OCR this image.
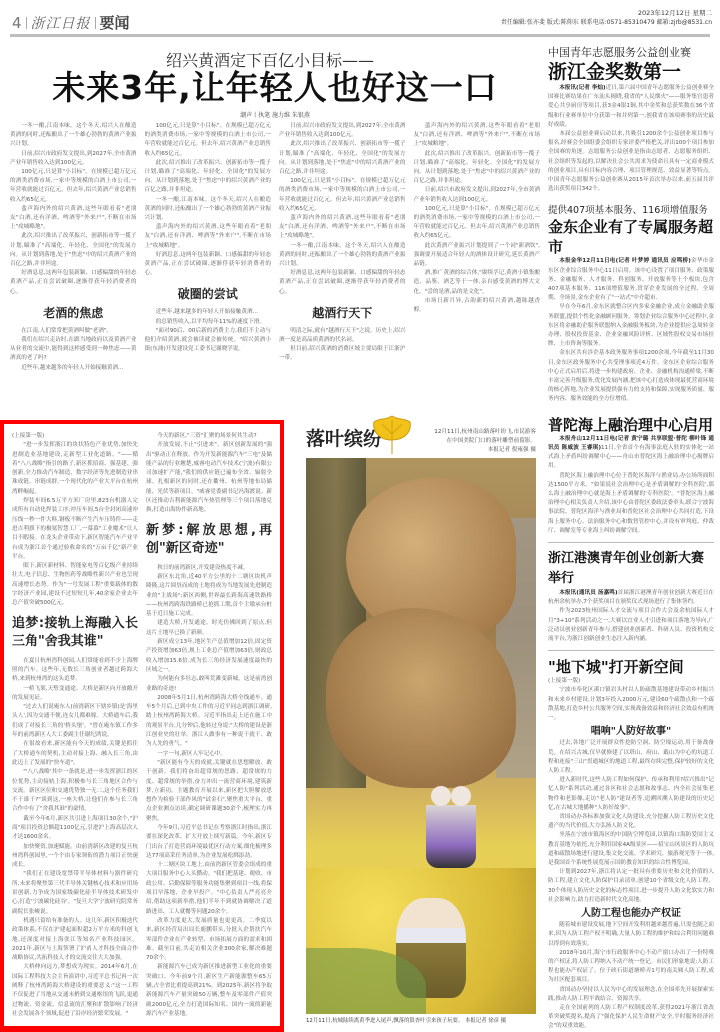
4 浙江日报 要闻
2023年12月12日 星期二
责任编辑:张亦斐 版式:陈仰东 联系电话:0571-85310479 邮箱:zjrb@8531.cn
绍兴黄酒定下百亿小目标——
未来3年,让年轻人也好这一口
潮声丨执笔 施力维 朱银燕

一冬一酿,江南本味。这个冬天,绍兴人在酿造黄酒的同时,还酝酿出了一个雄心勃勃的黄酒产业振兴计划。

日前,绍兴市政府发文提出,到2027年,全市黄酒产业年销售收入达到100亿元。

100亿元,只是算"小目标"。在规模已超万亿元的酒类消费市场,一家中等规模的白酒上市公司,一年营收就能过百亿元。但去年,绍兴黄酒产业总销售收入约65亿元。

蜚声海内外的绍兴黄酒,这些年眼看着"老朋友"白酒,还有洋酒、啤酒等"外来户",不断在市场上"攻城略地"。

此次,绍兴推出了改革振兴、创新拓市等一揽子计划,瞄准了"高端化、年轻化、全国化"的发展方向。从计划到落地,处于"焦虑"中的绍兴黄酒产业的百亿之路,并非坦途。

好酒息息,这两年包装新颖、口感偏甜的年轻态黄酒产品,正在尝试破圈,逐渐俘获年轻消费者的心。

老酒的焦虑

在江南,人们常常把黄酒叫做"老酒"。

我们在绍兴走访时,在跟当地政府以及黄酒产业从业者的交流中,能得到这样感受到一种焦虑——黄酒真的老了吗?

近些年,越来越多的年轻人开始接触黄酒...

100亿元,只是算"小目标"。在规模已超万亿元的酒类消费市场,一家中等规模的白酒上市公司,一年营收就能过百亿元。但去年,绍兴黄酒产业总销售收入约65亿元。

此次,绍兴推出了改革振兴、创新拓市等一揽子计划,瞄准了"高端化、年轻化、全国化"的发展方向。从计划到落地,处于"焦虑"中的绍兴黄酒产业的百亿之路,并非坦途。

一冬一酿,江南本味。这个冬天,绍兴人在酿造黄酒的同时,还酝酿出了一个雄心勃勃的黄酒产业振兴计划。

蜚声海内外的绍兴黄酒,这些年眼看着"老朋友"白酒,还有洋酒、啤酒等"外来户",不断在市场上"攻城略地"。

好酒息息,这两年包装新颖、口感偏甜的年轻态黄酒产品,正在尝试破圈,逐渐俘获年轻消费者的心。

破圈的尝试

近些年,越来越多的年轻人开始接触黄酒...

的总销售收入,以平均每年11%的速度下滑。

"面对90后、00后新的消费主力,我们不主动与他们介绍黄酒,就会被读就会被传统。"绍兴黄酒小镇(东浦)开发建设党工委书记谢晓学说。

日前,绍兴市政府发文提出,到2027年,全市黄酒产业年销售收入达到100亿元。

此次,绍兴推出了改革振兴、创新拓市等一揽子计划,瞄准了"高端化、年轻化、全国化"的发展方向。从计划到落地,处于"焦虑"中的绍兴黄酒产业的百亿之路,并非坦途。

100亿元,只是算"小目标"。在规模已超万亿元的酒类消费市场,一家中等规模的白酒上市公司,一年营收就能过百亿元。但去年,绍兴黄酒产业总销售收入约65亿元。

蜚声海内外的绍兴黄酒,这些年眼看着"老朋友"白酒,还有洋酒、啤酒等"外来户",不断在市场上"攻城略地"。

一冬一酿,江南本味。这个冬天,绍兴人在酿造黄酒的同时,还酝酿出了一个雄心勃勃的黄酒产业振兴计划。

好酒息息,这两年包装新颖、口感偏甜的年轻态黄酒产品,正在尝试破圈,逐渐俘获年轻消费者的心。

越酒行天下

明清之际,就有"越酒行天下"之说。历史上,绍兴酒一度是高品质黄酒的代名词。

但目前,绍兴黄酒的消费区域主要局限于江浙沪一带。

蜚声海内外的绍兴黄酒,这些年眼看着"老朋友"白酒,还有洋酒、啤酒等"外来户",不断在市场上"攻城略地"。

此次,绍兴推出了改革振兴、创新拓市等一揽子计划,瞄准了"高端化、年轻化、全国化"的发展方向。从计划到落地,处于"焦虑"中的绍兴黄酒产业的百亿之路,并非坦途。

日前,绍兴市政府发文提出,到2027年,全市黄酒产业年销售收入达到100亿元。

100亿元,只是算"小目标"。在规模已超万亿元的酒类消费市场,一家中等规模的白酒上市公司,一年营收就能过百亿元。但去年,绍兴黄酒产业总销售收入约65亿元。

此次黄酒产业振兴计划提到了一个词"新酒饮",强调要开展适合年轻人的酒体设计研究,延长黄酒产品链。

酒,推广黄酒的综合体,"赓续孚记,黄酒小镇集酿造、品鉴、酒艺等于一体,亲自感受黄酒的博大文化。"尝的是酒,品的是文化"。

市场日新月异,古韵新的绍兴黄酒,越陈越香醇。

(上接第一版)

"进一步发挥浙江的块状特色产业优势,加快先进制造业基地建设,走新型工业化道路。"——循着"八八战略"指引的路子,新区抓招商、强基建、强创新,全力推动汽车制造、数字经济等先进制造业串珠成链、串链成群,一个现代化的产业大平台在杭州湾畔崛起。

焊装车间6.5万平方米厂房里,823台机器人完成所有自动化焊装工序;冲压车间,5台全封闭高速冲压线一秒一件大料,钢板不断产生汽车压铸件——走进吉利旗下的极氪智慧工厂,一幕幕"工业魔术"让人目不暇接。在龙头企业带动下,新区智能汽车产业平台成为浙江首个通过验收命名的"万亩千亿"新产业平台。

眼下,新区新材料、智能家电等百亿级产业持续壮大,电子信息、生物医药等战略性新兴产业也呈现高速增长态势。作为"一号发展工程"重要载体的数字经济产业园,建设不过短短几年,40余家企业去年总产值突破500亿元。

追梦:接轨上海融入长三角"舍我其谁"

在夏日杭州湾科创园,人们常能看到不少上海牌照的汽车。这些年,无数长三角创业者越过跨海大桥,来到杭州湾的这头追梦。

一桥飞架,天堑变通途。大桥是新区向开放敞开的发展见证。

"过去人们说庵东人(前湾新区下辖乡镇)是'海里头人',因为交通不便,连女儿都难嫁。大桥通车后,我们成了对接长三角的'桥头堡'。"曾在庵东镇工作多年的前湾新区人大工委副主任谢纪鸿说。

在很故看来,新区能有今天的成绩,关键是抓住了大桥通车的契机,主动对接上海、融入长三角,由此迈上了发展的"快车道"。

"'八八战略'其中一条就是,进一步发挥浙江的区位优势,主动接轨上海,积极参与长三角地区合作与交流。新区区位和交通优势独一无二,这个任务我们不干谁干?"谈到这,一座大桥,让他们在参与长三角合作中有了"舍我其谁"的豪情。

截至今年6月,新区共引进上海项目30余个,"沪商"项目投资总额超1100亿元,引进沪上海高层次人才达1600余名。

加快聚资,加速赋能。由前湾新区改建的复旦杭州湾科创园里,一个个由专家领衔的潜力项目正快速成长。

"我们正在建设宽禁带半导体材料与器件研究所,未来将聚焦第三代半导体关键核心技术和应用场景创新,力争成为国家级碳化硅半导体技术研发中心,打造'宁波碳化硅谷'。"复旦大学宁波研究院常务副院长张峻说。

机遇只留给有准备的人。这几年,新区积极迭代政策体系,不仅在沪建起面积超2万平方米的科创飞地,还深度对接上海张江等知名产业科技园区。2021年,新区与上海签署了沪甬人才科技全面合作战略协议,共拓科技人才的交流交往大大加强。

大桥伸向远方,梦想成为现实。2014年6月,在国际工程科技大会主旨演讲中,习近平总书记再一次阐释了杭州湾跨海大桥建设的重要意义:"这一工程不仅促进了当地从交通末梢到交通枢纽的飞跃,更通过物流、资金流、信息流的汇聚和扩散影响了经济社会发展各个领域,促进了沿岸经济繁荣发展。"

今天的新区,"三资"汇聚的场景何其生动?

开放发展,不止"引进来"。新区创新发展的"强出"驱动正在释放。作为开发新能源汽车"三电"及储能产品的行业翘楚,威睿电动汽车技术(宁波)有限公司加速扩产能,"我们的供应链已遍布全省、辐射全球。扎根新区的同时,还在衢州、杭州等地布局储能、光伏等新项目。"威睿党委副书记冯海渡说。新区还推动吉利新能源汽车热管理等三个项目落地兑换,打造山海协作新高地。

新梦:解放思想,再创"新区奇迹"

秋日的前湾新区,开发建设热度不减。

新区东北角,近40平方公里的十二塘区块机声隆隆,这片围垦而成的土地将成为当地发展先进制造业的"主战场";新区西侧,世界最长跨海高速铁路桥——杭州湾跨海铁路桥已抢抓工期,首个主墩承台桩基于近日施工完成。

建造大桥,开发通途。时光仿佛回到了原点,但这片土地早已换了新颜。

新区成立13年,地区生产总值增加12倍,固定资产投资增加63倍,规上工业总产值增加63倍,财政总收入增加15.6倍,成为长三角经济发展速度最快的区域之一。

为何能有多壮志,敢叫荒滩变新城。这是前湾创业路的奇迹!

2008年5月1日,杭州湾跨海大桥全线通车。通车5个月后,已到中央工作的习近平同志到浙江调研,踏上杭州湾跨海大桥。习近平指出走上还在施工中的观景平台,几分钟后,他转过身说:"大桥的建设是浙江创业史的壮举。浙江人做事有一种说干就干、敢为人先的勇气。"

一字一句,新区人牢记心中。

"新区能有今天的成就,关键就在思想解放、敢于创新。我们将奋出超常规的思路、超常规的力度、超常规的举措,奋力冲出一流营商环境,建筑新梦,立新功。主题教育开展以来,新区把大胆解放思想作为检验干部作风的"试金石",聚焦重大平台、重点企业测点访谈,确定调研课题30余个,梳理实力再聚焦。

今年9月,习近平总书记在考察浙江时指出,浙江要在深化改革、扩大开放上续写新篇。今年,新区专门出台了打造营商环境最优区行动方案,细化梳理多达77项高采任务清单,为企业发展松绑添劲。

十二塘区块工地上,由前湾新区管委会组成的重大项目服务中心人头攒动。"我们把基建、税收、市政公用、后勤保障等服务功能集聚到项目一线,将保项目早落地、企业早投产。"中心负责人严亮亮介绍,借助这项新举措,他们半年不到就协调解决了道路进出、工人就餐等问题20余个。

改革力度更大,发展质量也更更高。二季度以来,新区经营局出局长鹿鹏带头,分批入企帮扶汽车零部件企业在产业转型、市场拓展方面的需求和困难。截至目前,共走访相关企业300余家,解决难题70余个。

新能源汽车已成为新区推进新型工业化的重要突破口。今年前9个月,新区生产新能源整车65万辆,占全省比重提高到21%。到2025年,新区将争取新能源汽车产量突破50万辆,整车及零部件产值突破2000亿元,全力打造国际知名、国内一流的新能源汽车产业基地。

落叶缤纷	12月11日,杭州南山路落叶纷飞,市民游客在中国美院门口的落叶雕塑前留影。
本报记者 倪雍强 摄
12月11日,杭城陆续离黄季进入尾声,飘落的银杏叶引来孩子玩耍。 本报记者 徐彦 摄
中国青年志愿服务公益创业赛
浙江金奖数第一

本报讯(记者 李灿)近日,第六届中国青年志愿服务公益创业赛全国赛比赛结果在广东汕头揭晓,我省的"人民烟火"——服务集官患者爱心共享厨房等项目,获3金4银1铜,其中金奖和总获奖数在36个省级和行业赛单位中分获第一和并列第一,创我省在该项赛事的历史最好成绩。

本届公益创业赛启动以来,共吸引1200余个公益创业项目参与报名,经赛会全国组委会组织专家评委严格把关,评出100个项目参加全国赛的角逐。志愿服务公益创业是指由志愿者、志愿服务组织、社会组织等发起的,以解决社会公共需求为使命且具有一定商业模式的创业项目,具有目标内容合理、项目管理规范、效益显著等特点。中国青年志愿服务公益创业赛从2015年首次举办以来,前五届共评选出获奖项目342个。

提供407项基本服务、116项增值服务
金东企业有了专属服务超市

本报金华12月11日电(记者 叶梦婷 通讯员 应鸣桥)金华市金东区企业综合服务中心11日启用。该中心设置了项目服务、政策服务、金融服务、人才服务、科创服务、开放服务等十个板块,包含407项基本服务、116项增值服务,贯穿企业发展的全过程、全周期、全场景,金东企业有了"一站式"中介超市。

早在今年6月,金东区就整合区内多家金融企业,成立金融助企服务联盟,提供个性化金融顾问服务。筹划企业综合服务中心过程中,金东区将金融助企服务联盟纳入金融服务板块,为企业提供应急周转金办理、股权投资基金、企业金融风险评析、区域性股权交易市场挂牌、上市咨询等服务。

金东区共有涉企基本政务服务事项1200余项,今年截至11月30日,金东区政务服务中心共受理事项近4万件。金东区企业综合服务中心正式启用后,将进一步构建政府、企业、金融机构沟通桥梁,不断丰富完善升级服务,优化发展内涵,把该中心打造成体现最优营商环境的核心阵地,为企业发展提供强有力的支持和保障,实现服务质量、服务内容、服务效能的全方位增值。

普陀海上融治理中心启用

本报舟山12月11日电(记者 黄宁璐 共享联盟·普陀 柳叶锋 通讯员 陈威波 王睿琪)11日,全省首个有海事法庭入驻的实体化一站式海上矛盾纠纷调解中心——舟山市普陀区海上融治理中心揭牌启用。

普陀区海上融治理中心位于普陀区海洋与渔业局,办公场所面积达1500平方米。"如果说社会治理中心是矛盾调解的'全科医院',那么海上融治理中心就是海上矛盾调解的'专科医院'。"普陀区海上融治理中心相关负责人介绍,该中心由普陀区委政法委牵头,联合宁波海事法院、普陀区海洋与渔业局和普陀区社会治理中心共同打造,下设海上服务中心、法治服务中心和数智管控中心,并设有审判庭、仲裁厅、调解室等专业海上纠纷调解空间。

浙江港澳青年创业创新大赛举行

本报讯(通讯员 汤嘉鸣)首届浙江港澳青年创业创新大赛近日在杭州余杭举办,7个获奖项目在颁奖仪式现场进行了集体签约。

作为2023杭州国际人才交流与项目合作大会及余杭国际人才月"3+10"系列活动之一,大赛以宜业人才引进和项目落地为导向,广泛动员创业创新青年参与,搭建创业创新者、科研人员、投资机构交流平台,为浙江创新创业生态注入新内涵。

"地下城"打开新空间

(上接第一版)

宁波市奉化区溪口镇岩头村以人防疏散基地建设带动乡村振兴和未来乡村建设,计划3年投入2000万元,建设60个疏散点和一个疏散基地,打造乡村公共服务空间,实现战备效益和经济社会效益有机统一。

唱响"人防好故事"

过去,各地广泛开展群众性挖防空洞、防空壕运动,用于备战备荒。在绍兴古城,仅早就修建了以塔山、府山、蕺山为中心的坑道工程和连接"三山"贯通城区的地道工程,最终存续完整,保护较好的文化人防工程。

进入新时代,这些人防工程如何保护、传承和利用?绍兴推出"记忆人防"系列活动,通过各区和社会志愿和故事志、内全社会征集老物件和老影像,走访"老人防"建设者等,追溯回溯人防建设的历史记忆,在古城大地播种"人防好故事"。

省国动办各标准加强文化人防建设,充分挖掘人防工程历史文化遗产的当代价值,大力弘扬人防文化。

坐落在宁波市镇海区的中国防空博览园,以镇海口海防爱国主义教育基地为依托,充分利用国家4A级景区——招宝山风景区的人防坑道和疏散场地进行建设,集文化交流、学术研究、旅游观光等于一体,是我国首个系统性展览展示国防教育知识的综合性博览园。

计划到2027年,浙江将认定一批具有重要历史和文化价值的人防工程,建立文化人防保护目录清单,创建10个省级文化人防工程、30个体现人防历史文化的标志性项目,进一步提升人防文化软实力和社会影响力,助力打造新时代文化高地。

人防工程也能办产权证

随着城市建设发展,地下空间开发利用越来越普遍,只需也随之而来,因为人防工程产权不明确,大量人防工程的维护和综合利用问题难以得到有效落实。

2018年10月,海宁市行政服务中心不动产窗口办出了一份特殊的产权证,将人防工程纳入不动产统一登记。市民们形象地说:人防工程也能办产权证了。位于硖石街道塘桥弄1号的南关厢人防工程,成为社区配套项目。

省国动办坚持以人民为中心的发展理念,在全国率先开展探索实践,推动人防工程平战结合、资源共享。

走在全国前列的人防工程产权制度改革,获得2021年浙江省改革突破奖提名,提高了"强化保护人民生命财产安全,平时服务经济社会"的双重效能。
